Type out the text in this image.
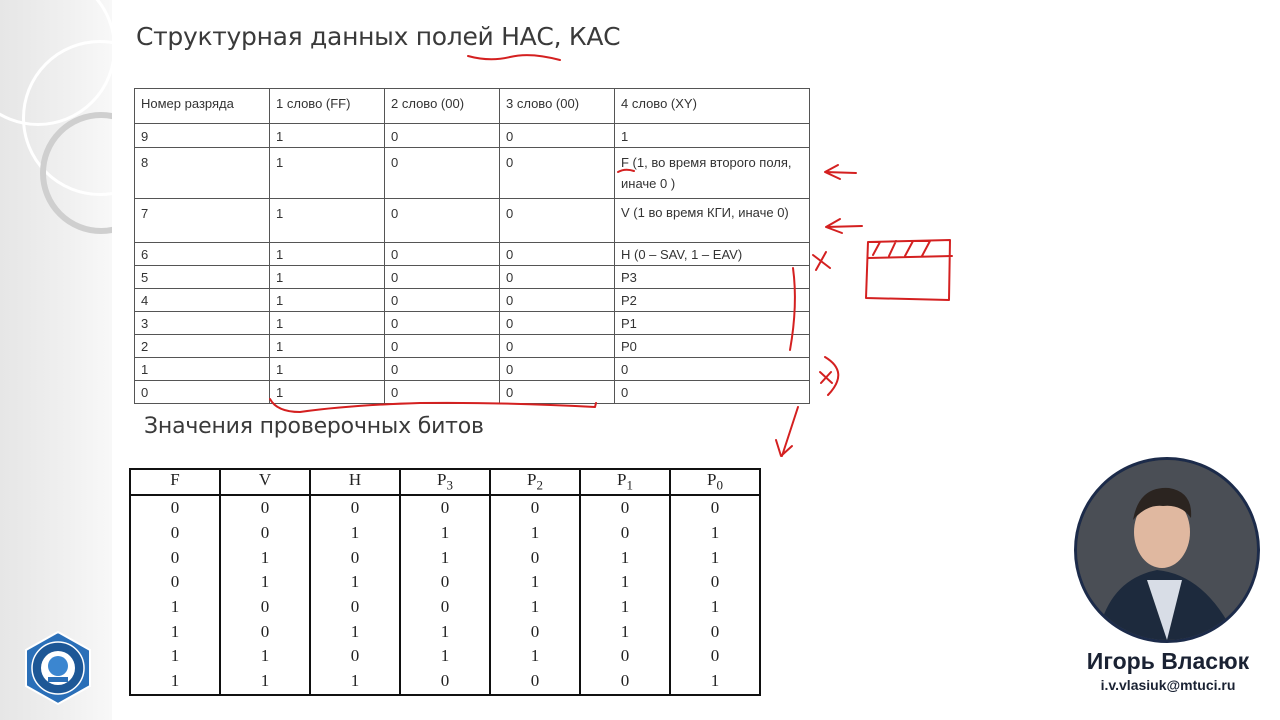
Структурная данных полей НАС, КАС
Номер разряда	1 слово (FF)	2 слово (00)	3 слово (00)	4 слово (XY)
9	1	0	0	1
8	1	0	0	F (1, во время второго поля, иначе 0 )
7	1	0	0	V (1 во время КГИ, иначе 0)
6	1	0	0	H (0 – SAV, 1 – EAV)
5	1	0	0	P3
4	1	0	0	P2
3	1	0	0	P1
2	1	0	0	P0
1	1	0	0	0
0	1	0	0	0
Значения проверочных битов
F	V	H	$P_3$	$P_2$	$P_1$	$P_0$
0	0	0	0	0	0	0
0	0	1	1	1	0	1
0	1	0	1	0	1	1
0	1	1	0	1	1	0
1	0	0	0	1	1	1
1	0	1	1	0	1	0
1	1	0	1	1	0	0
1	1	1	0	0	0	1
Игорь Власюк
i.v.vlasiuk@mtuci.ru
